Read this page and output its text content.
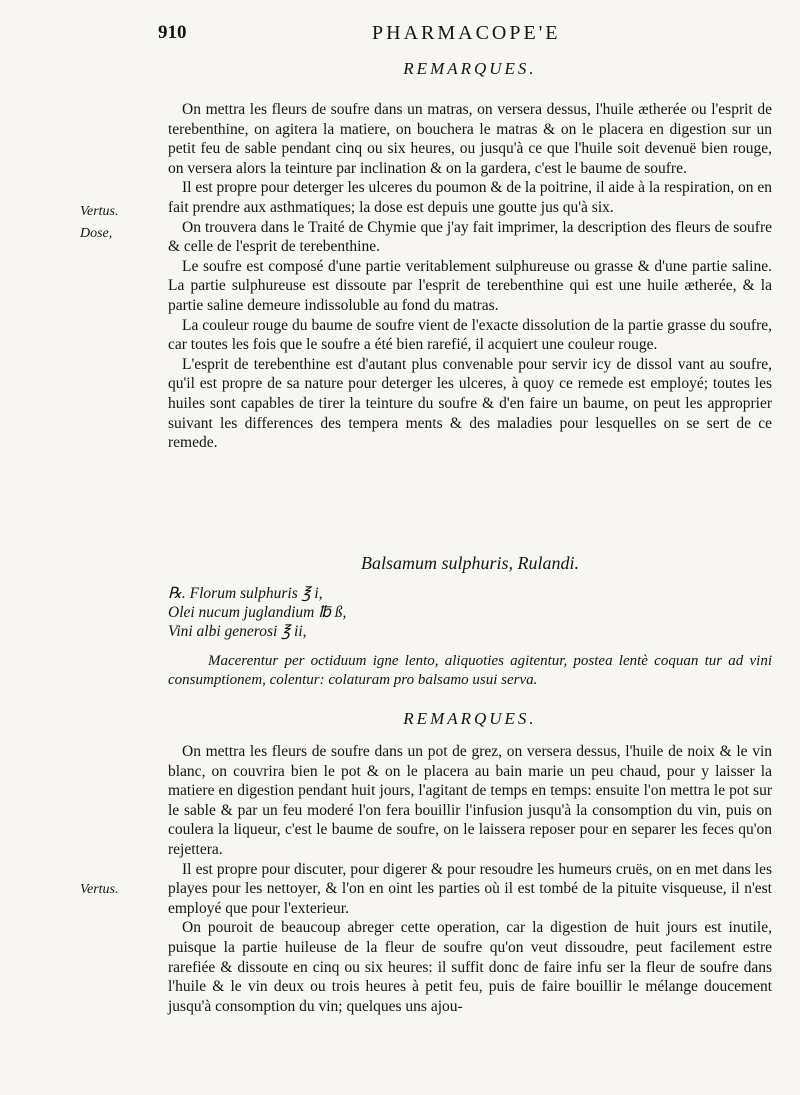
910	PHARMACOPE'E
Vertus.
Dose,
Vertus.
REMARQUES.

On mettra les fleurs de soufre dans un matras, on versera dessus, l'huile ætherée ou l'esprit de terebenthine, on agitera la matiere, on bouchera le matras & on le placera en digestion sur un petit feu de sable pendant cinq ou six heures, ou jusqu'à ce que l'huile soit devenuë bien rouge, on versera alors la teinture par inclination & on la gardera, c'est le baume de soufre.

Il est propre pour deterger les ulceres du poumon & de la poitrine, il aide à la respiration, on en fait prendre aux asthmatiques; la dose est depuis une goutte jus qu'à six.

On trouvera dans le Traité de Chymie que j'ay fait imprimer, la description des fleurs de soufre & celle de l'esprit de terebenthine.

Le soufre est composé d'une partie veritablement sulphureuse ou grasse & d'une partie saline. La partie sulphureuse est dissoute par l'esprit de terebenthine qui est une huile ætherée, & la partie saline demeure indissoluble au fond du matras.

La couleur rouge du baume de soufre vient de l'exacte dissolution de la partie grasse du soufre, car toutes les fois que le soufre a été bien rarefié, il acquiert une couleur rouge.

L'esprit de terebenthine est d'autant plus convenable pour servir icy de dissol vant au soufre, qu'il est propre de sa nature pour deterger les ulceres, à quoy ce remede est employé; toutes les huiles sont capables de tirer la teinture du soufre & d'en faire un baume, on peut les approprier suivant les differences des tempera ments & des maladies pour lesquelles on se sert de ce remede.

Balsamum sulphuris, Rulandi.
℞. Florum sulphuris ℥ i,
Olei nucum juglandium ℔ ß,
Vini albi generosi ℥ ii,

Macerentur per octiduum igne lento, aliquoties agitentur, postea lentè coquan tur ad vini consumptionem, colentur: colaturam pro balsamo usui serva.

REMARQUES.

On mettra les fleurs de soufre dans un pot de grez, on versera dessus, l'huile de noix & le vin blanc, on couvrira bien le pot & on le placera au bain marie un peu chaud, pour y laisser la matiere en digestion pendant huit jours, l'agitant de temps en temps: ensuite l'on mettra le pot sur le sable & par un feu moderé l'on fera bouillir l'infusion jusqu'à la consomption du vin, puis on coulera la liqueur, c'est le baume de soufre, on le laissera reposer pour en separer les feces qu'on rejettera.

Il est propre pour discuter, pour digerer & pour resoudre les humeurs cruës, on en met dans les playes pour les nettoyer, & l'on en oint les parties où il est tombé de la pituite visqueuse, il n'est employé que pour l'exterieur.

On pouroit de beaucoup abreger cette operation, car la digestion de huit jours est inutile, puisque la partie huileuse de la fleur de soufre qu'on veut dissoudre, peut facilement estre rarefiée & dissoute en cinq ou six heures: il suffit donc de faire infu ser la fleur de soufre dans l'huile & le vin deux ou trois heures à petit feu, puis de faire bouillir le mélange doucement jusqu'à consomption du vin; quelques uns ajou-
